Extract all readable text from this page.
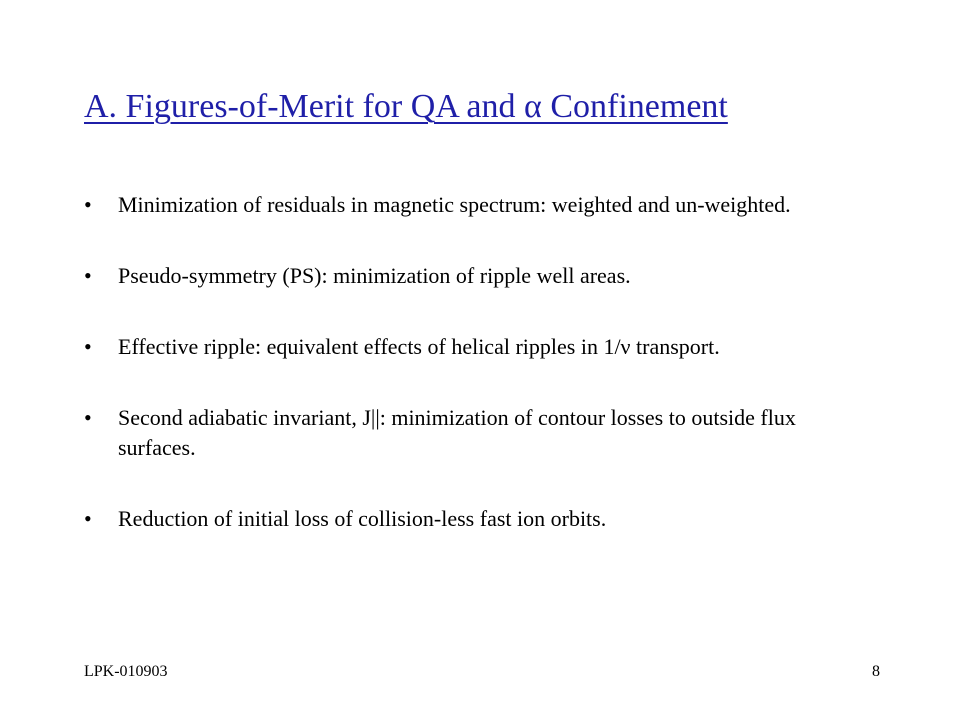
A. Figures-of-Merit for QA and α Confinement
• Minimization of residuals in magnetic spectrum: weighted and un-weighted.
• Pseudo-symmetry (PS): minimization of ripple well areas.
• Effective ripple: equivalent effects of helical ripples in 1/ν transport.
• Second adiabatic invariant, J||: minimization of contour losses to outside flux surfaces.
• Reduction of initial loss of collision-less fast ion orbits.
LPK-010903	8
